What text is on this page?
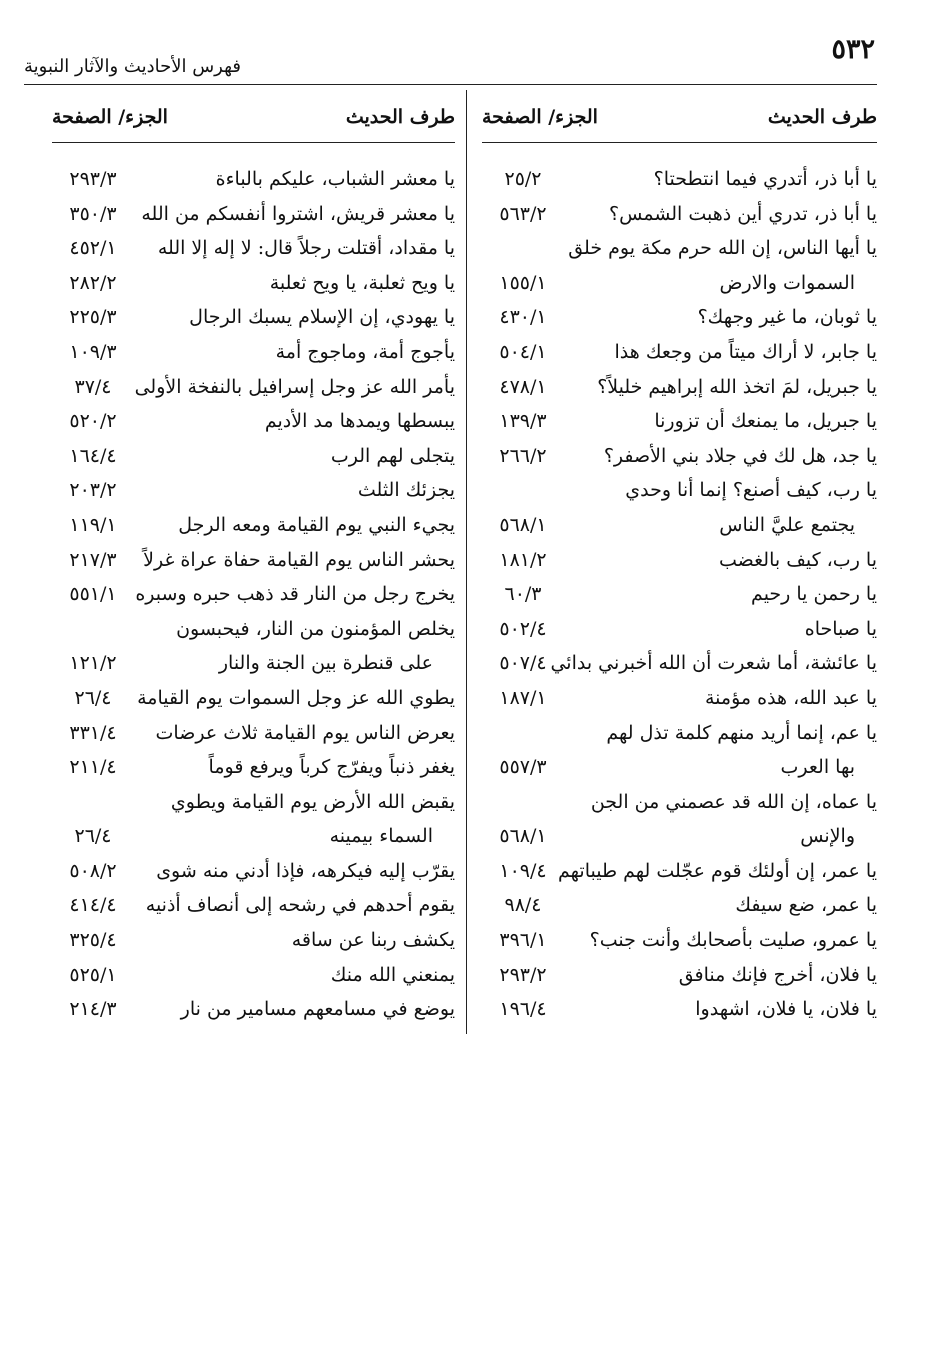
٥٣٢
فهرس الأحاديث والآثار النبوية
طرف الحديث
الجزء/ الصفحة
يا أبا ذر، أتدري فيما انتطحتا؟
٢٥/٢
يا أبا ذر، تدري أين ذهبت الشمس؟
٥٦٣/٢
يا أيها الناس، إن الله حرم مكة يوم خلق
السموات والارض
١٥٥/١
يا ثوبان، ما غير وجهك؟
٤٣٠/١
يا جابر، لا أراك ميتاً من وجعك هذا
٥٠٤/١
يا جبريل، لمَ اتخذ الله إبراهيم خليلاً؟
٤٧٨/١
يا جبريل، ما يمنعك أن تزورنا
١٣٩/٣
يا جد، هل لك في جلاد بني الأصفر؟
٢٦٦/٢
يا رب، كيف أصنع؟ إنما أنا وحدي
يجتمع عليَّ الناس
٥٦٨/١
يا رب، كيف بالغضب
١٨١/٢
يا رحمن يا رحيم
٦٠/٣
يا صباحاه
٥٠٢/٤
يا عائشة، أما شعرت أن الله أخبرني بدائي
٥٠٧/٤
يا عبد الله، هذه مؤمنة
١٨٧/١
يا عم، إنما أريد منهم كلمة تذل لهم
بها العرب
٥٥٧/٣
يا عماه، إن الله قد عصمني من الجن
والإنس
٥٦٨/١
يا عمر، إن أولئك قوم عجّلت لهم طيباتهم
١٠٩/٤
يا عمر، ضع سيفك
٩٨/٤
يا عمرو، صليت بأصحابك وأنت جنب؟
٣٩٦/١
يا فلان، أخرج فإنك منافق
٢٩٣/٢
يا فلان، يا فلان، اشهدوا
١٩٦/٤
طرف الحديث
الجزء/ الصفحة
يا معشر الشباب، عليكم بالباءة
٢٩٣/٣
يا معشر قريش، اشتروا أنفسكم من الله
٣٥٠/٣
يا مقداد، أقتلت رجلاً قال: لا إله إلا الله
٤٥٢/١
يا ويح ثعلبة، يا ويح ثعلبة
٢٨٢/٢
يا يهودي، إن الإسلام يسبك الرجال
٢٢٥/٣
يأجوج أمة، وماجوج أمة
١٠٩/٣
يأمر الله عز وجل إسرافيل بالنفخة الأولى
٣٧/٤
يبسطها ويمدها مد الأديم
٥٢٠/٢
يتجلى لهم الرب
١٦٤/٤
يجزئك الثلث
٢٠٣/٢
يجيء النبي يوم القيامة ومعه الرجل
١١٩/١
يحشر الناس يوم القيامة حفاة عراة غرلاً
٢١٧/٣
يخرج رجل من النار قد ذهب حبره وسبره
٥٥١/١
يخلص المؤمنون من النار، فيحبسون
على قنطرة بين الجنة والنار
١٢١/٢
يطوي الله عز وجل السموات يوم القيامة
٢٦/٤
يعرض الناس يوم القيامة ثلاث عرضات
٣٣١/٤
يغفر ذنباً ويفرّج كرباً ويرفع قوماً
٢١١/٤
يقبض الله الأرض يوم القيامة ويطوي
السماء بيمينه
٢٦/٤
يقرّب إليه فيكرهه، فإذا أدني منه شوى
٥٠٨/٢
يقوم أحدهم في رشحه إلى أنصاف أذنيه
٤١٤/٤
يكشف ربنا عن ساقه
٣٢٥/٤
يمنعني الله منك
٥٢٥/١
يوضع في مسامعهم مسامير من نار
٢١٤/٣
